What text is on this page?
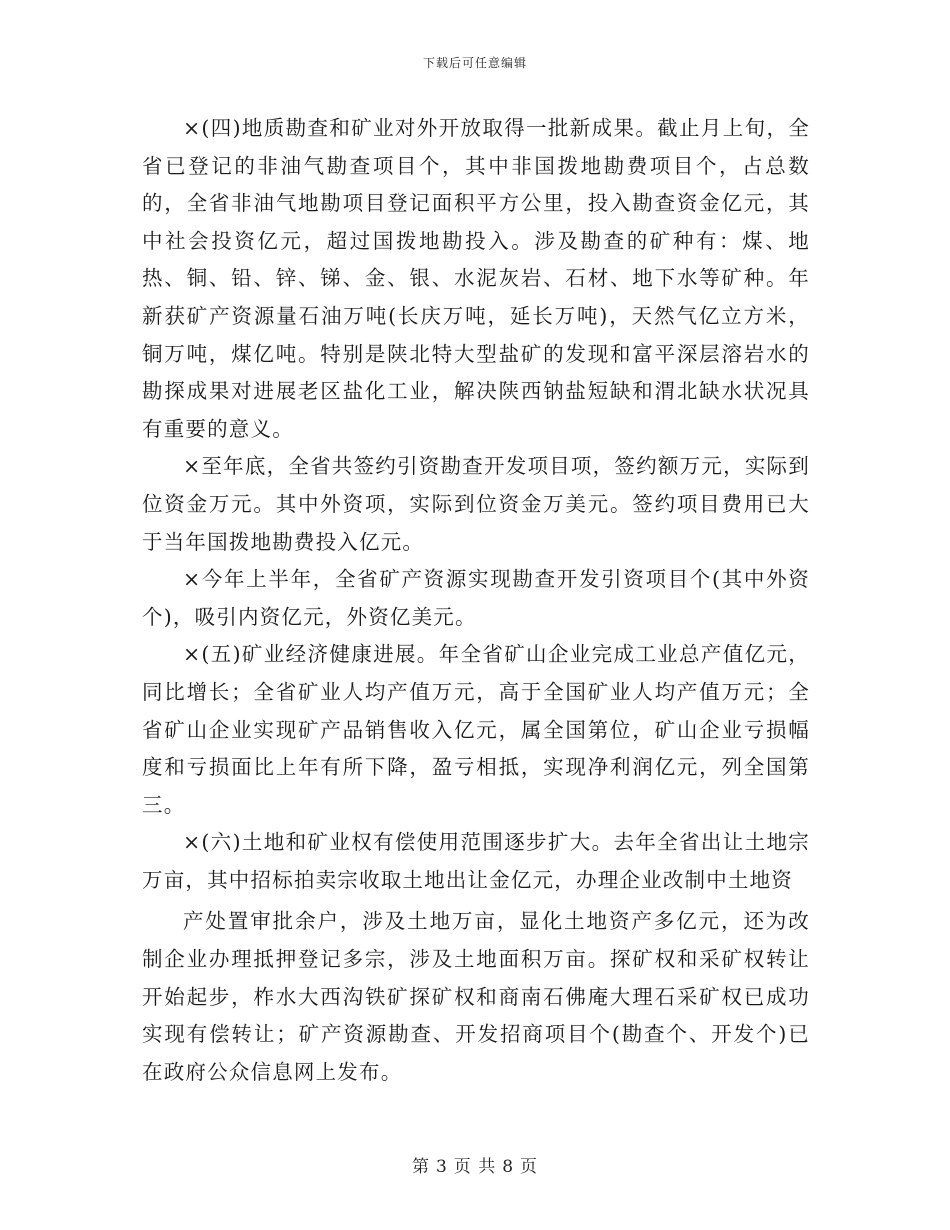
下载后可任意编辑

×(四)地质勘查和矿业对外开放取得一批新成果。截止月上旬，全省已登记的非油气勘查项目个，其中非国拨地勘费项目个，占总数的，全省非油气地勘项目登记面积平方公里，投入勘查资金亿元，其中社会投资亿元，超过国拨地勘投入。涉及勘查的矿种有：煤、地热、铜、铅、锌、锑、金、银、水泥灰岩、石材、地下水等矿种。年新获矿产资源量石油万吨(长庆万吨，延长万吨)，天然气亿立方米，铜万吨，煤亿吨。特别是陕北特大型盐矿的发现和富平深层溶岩水的勘探成果对进展老区盐化工业，解决陕西钠盐短缺和渭北缺水状况具有重要的意义。

×至年底，全省共签约引资勘查开发项目项，签约额万元，实际到位资金万元。其中外资项，实际到位资金万美元。签约项目费用已大于当年国拨地勘费投入亿元。

×今年上半年，全省矿产资源实现勘查开发引资项目个(其中外资个)，吸引内资亿元，外资亿美元。

×(五)矿业经济健康进展。年全省矿山企业完成工业总产值亿元，同比增长；全省矿业人均产值万元，高于全国矿业人均产值万元；全省矿山企业实现矿产品销售收入亿元，属全国第位，矿山企业亏损幅度和亏损面比上年有所下降，盈亏相抵，实现净利润亿元，列全国第三。

×(六)土地和矿业权有偿使用范围逐步扩大。去年全省出让土地宗万亩，其中招标拍卖宗收取土地出让金亿元，办理企业改制中土地资

产处置审批余户，涉及土地万亩，显化土地资产多亿元，还为改制企业办理抵押登记多宗，涉及土地面积万亩。探矿权和采矿权转让开始起步，柞水大西沟铁矿探矿权和商南石佛庵大理石采矿权已成功实现有偿转让；矿产资源勘查、开发招商项目个(勘查个、开发个)已在政府公众信息网上发布。

第 3 页 共 8 页
